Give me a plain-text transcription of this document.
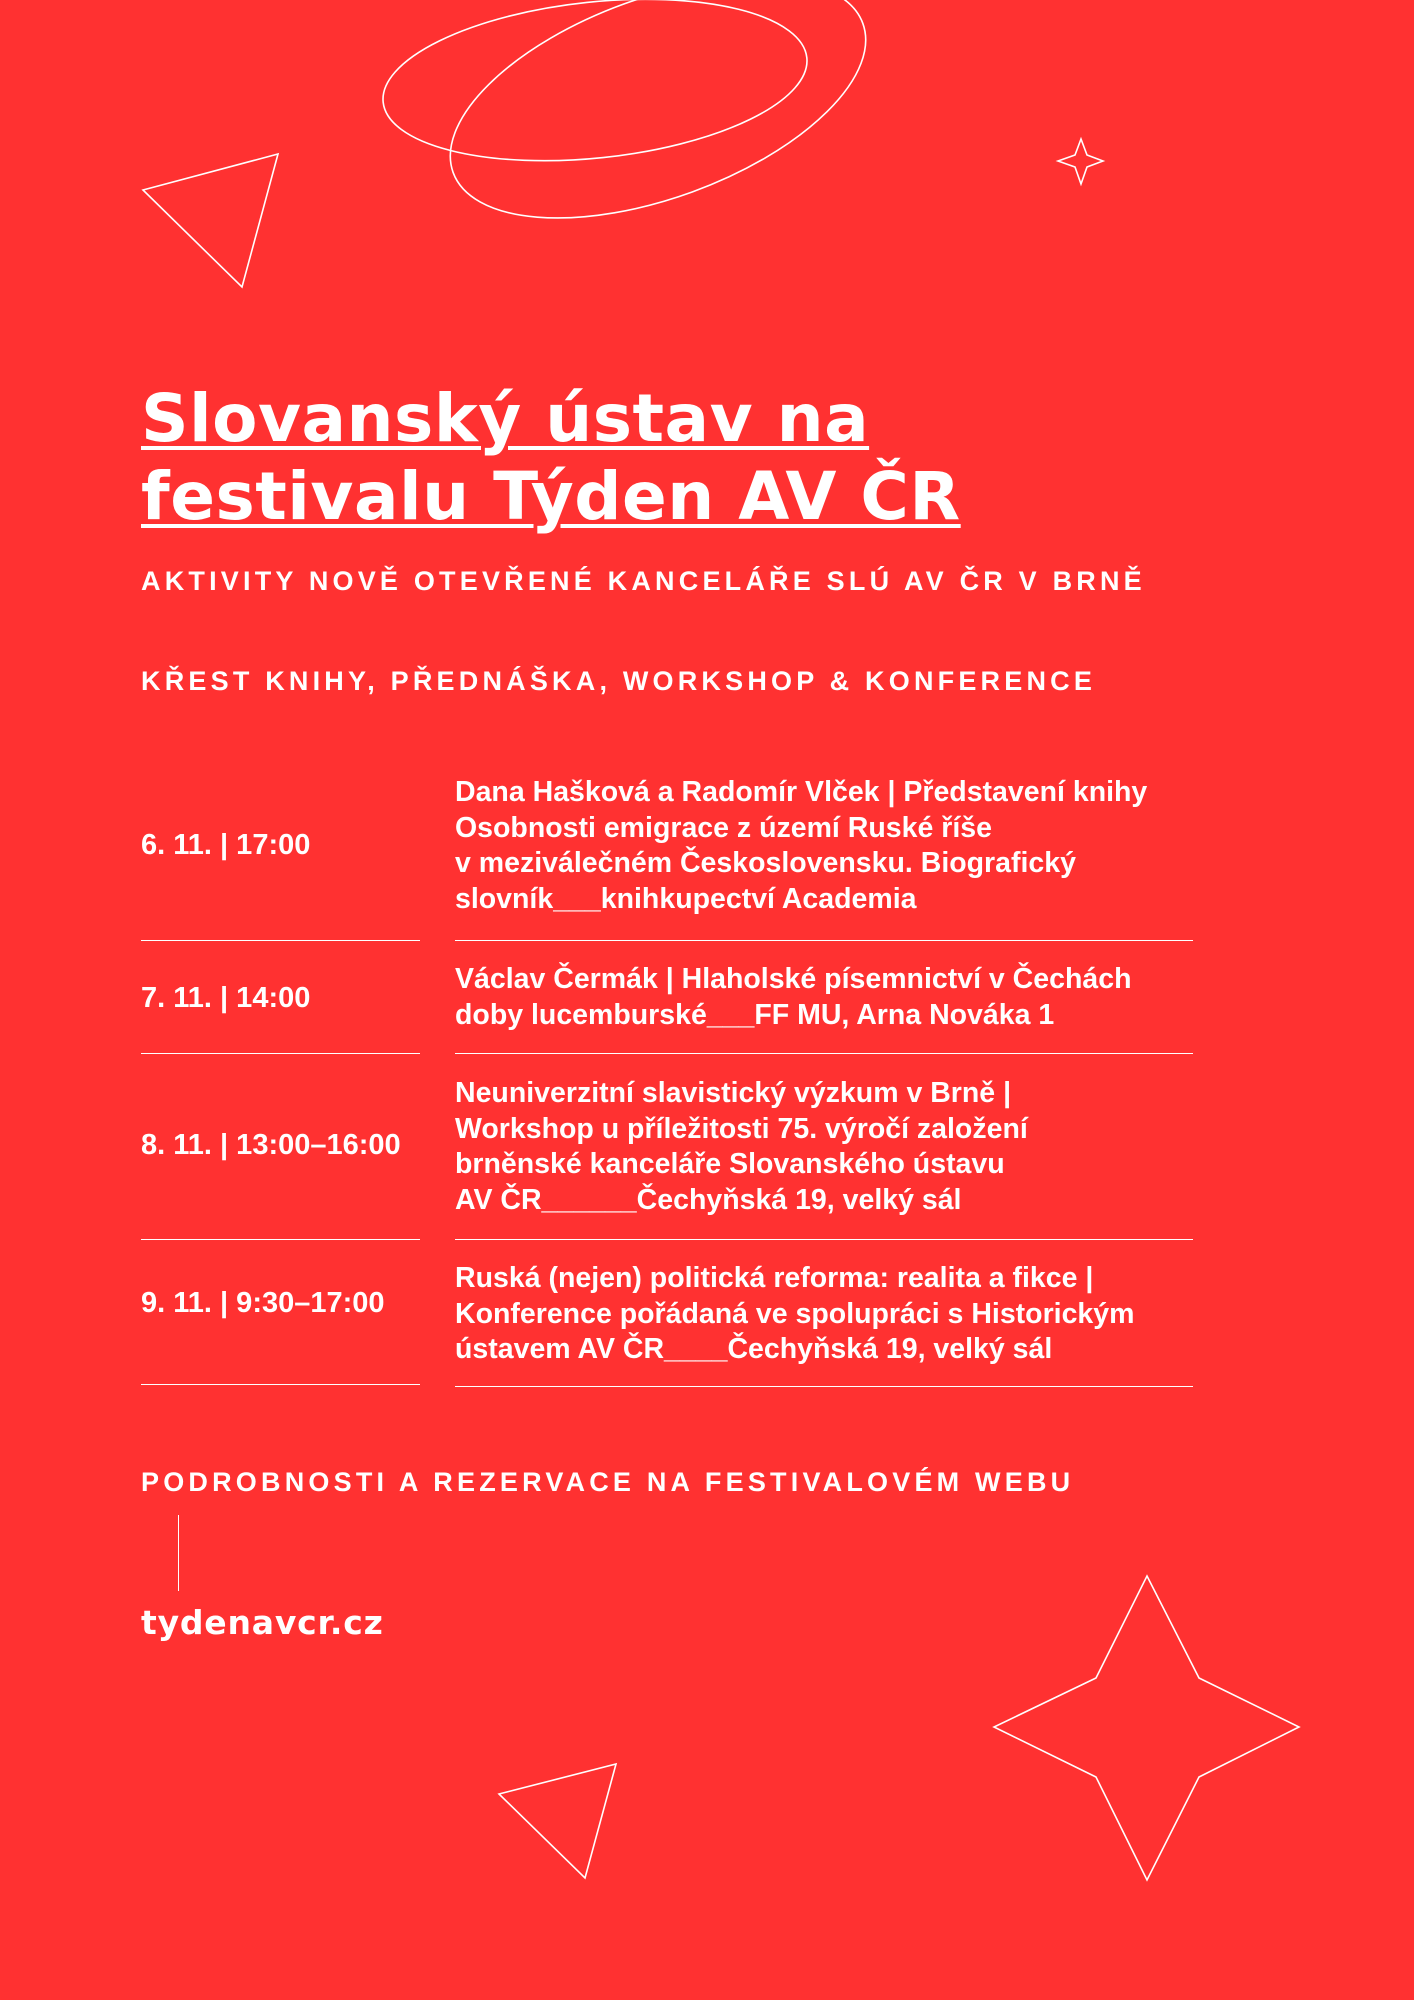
Slovanský ústav na
festivalu Týden AV ČR

AKTIVITY NOVĚ OTEVŘENÉ KANCELÁŘE SLÚ AV ČR V BRNĚ

KŘEST KNIHY, PŘEDNÁŠKA, WORKSHOP & KONFERENCE

6. 11. | 17:00
Dana Hašková a Radomír Vlček | Představení knihy
Osobnosti emigrace z území Ruské říše
v meziválečném Československu. Biografický
slovník___knihkupectví Academia
7. 11. | 14:00
Václav Čermák | Hlaholské písemnictví v Čechách
doby lucemburské___FF MU, Arna Nováka 1
8. 11. | 13:00–16:00
Neuniverzitní slavistický výzkum v Brně |
Workshop u příležitosti 75. výročí založení
brněnské kanceláře Slovanského ústavu
AV ČR______Čechyňská 19, velký sál
9. 11. | 9:30–17:00
Ruská (nejen) politická reforma: realita a fikce |
Konference pořádaná ve spolupráci s Historickým
ústavem AV ČR____Čechyňská 19, velký sál

PODROBNOSTI A REZERVACE NA FESTIVALOVÉM WEBU

tydenavcr.cz
